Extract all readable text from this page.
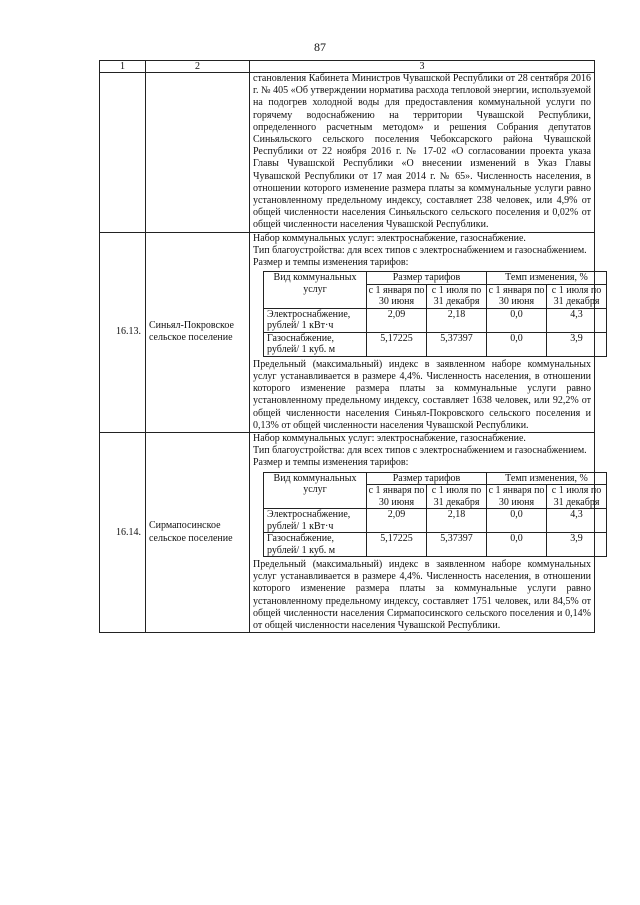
87
1	2	3

становления Кабинета Министров Чувашской Республики от 28 сентября 2016 г. № 405 «Об утверждении норматива расхода тепловой энергии, используемой на подогрев холодной воды для предоставления коммунальной услуги по горячему водоснабжению на территории Чувашской Республики, определенного расчетным методом» и решения Собрания депутатов Синьяльского сельского поселения Чебоксарского района Чувашской Республики от 22 ноября 2016 г. № 17-02 «О согласовании проекта указа Главы Чувашской Республики «О внесении изменений в Указ Главы Чувашской Республики от 17 мая 2014 г. № 65». Численность населения, в отношении которого изменение размера платы за коммунальные услуги равно установленному предельному индексу, составляет 238 человек, или 4,9% от общей численности населения Синьяльского сельского поселения и 0,02% от общей численности населения Чувашской Республики.

16.13.	Синьял-Покровское сельское поселение	

Набор коммунальных услуг: электроснабжение, газоснабжение.

Тип благоустройства: для всех типов с электроснабжением и газоснабжением.

Размер и темпы изменения тарифов:

Вид коммунальных услуг	Размер тарифов	Темп изменения, %
с 1 января по 30 июня	с 1 июля по 31 декабря	с 1 января по 30 июня	с 1 июля по 31 декабря
Электроснабжение, рублей/ 1 кВт·ч	2,09	2,18	0,0	4,3
Газоснабжение, рублей/ 1 куб. м	5,17225	5,37397	0,0	3,9

Предельный (максимальный) индекс в заявленном наборе коммунальных услуг устанавливается в размере 4,4%. Численность населения, в отношении которого изменение размера платы за коммунальные услуги равно установленному предельному индексу, составляет 1638 человек, или 92,2% от общей численности населения Синьял-Покровского сельского поселения и 0,13% от общей численности населения Чувашской Республики.

16.14.	Сирмапосинское сельское поселение	

Набор коммунальных услуг: электроснабжение, газоснабжение.

Тип благоустройства: для всех типов с электроснабжением и газоснабжением.

Размер и темпы изменения тарифов:

Вид коммунальных услуг	Размер тарифов	Темп изменения, %
с 1 января по 30 июня	с 1 июля по 31 декабря	с 1 января по 30 июня	с 1 июля по 31 декабря
Электроснабжение, рублей/ 1 кВт·ч	2,09	2,18	0,0	4,3
Газоснабжение, рублей/ 1 куб. м	5,17225	5,37397	0,0	3,9

Предельный (максимальный) индекс в заявленном наборе коммунальных услуг устанавливается в размере 4,4%. Численность населения, в отношении которого изменение размера платы за коммунальные услуги равно установленному предельному индексу, составляет 1751 человек, или 84,5% от общей численности населения Сирмапосинского сельского поселения и 0,14% от общей численности населения Чувашской Республики.
